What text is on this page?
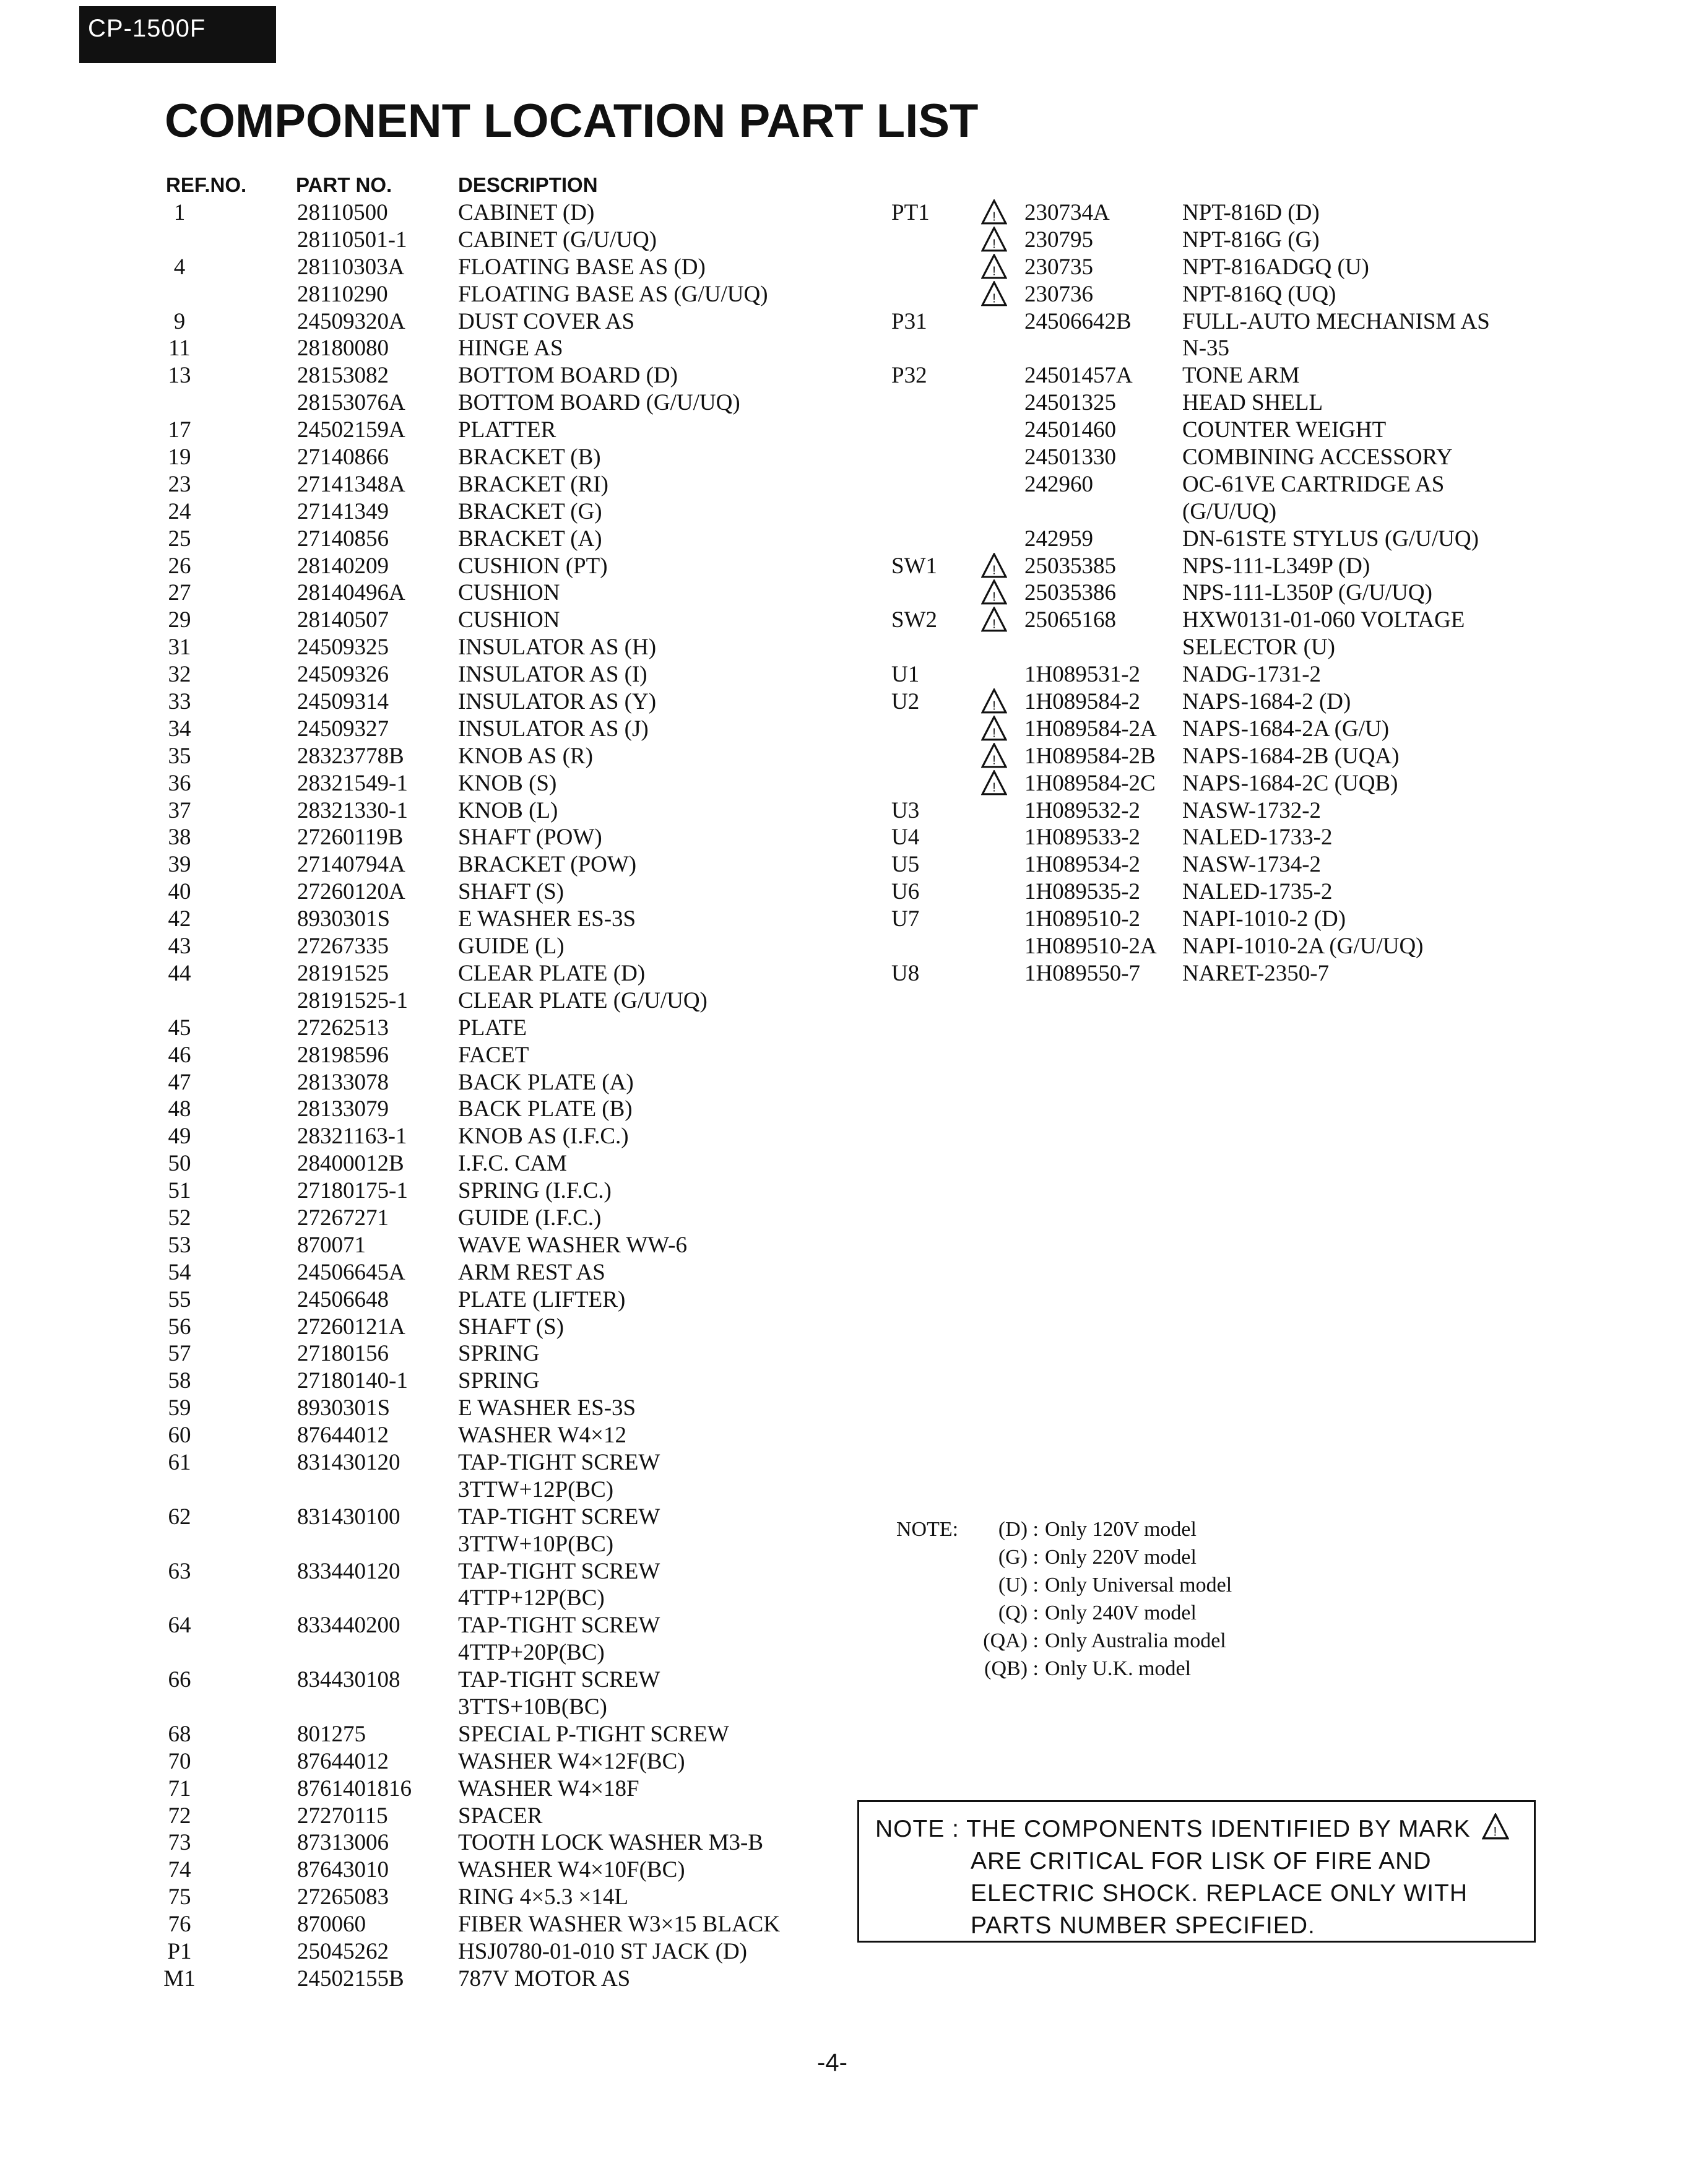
CP-1500F
COMPONENT LOCATION PART LIST
REF.NO. PART NO.	DESCRIPTION
1	28110500	CABINET (D)
28110501-1 CABINET (G/U/UQ)
4	28110303A FLOATING BASE AS (D)
28110290	FLOATING BASE AS (G/U/UQ)
9	24509320A DUST COVER AS
11	28180080	HINGE AS
13	28153082	BOTTOM BOARD (D)
28153076A BOTTOM BOARD (G/U/UQ)
17	24502159A PLATTER
19	27140866	BRACKET (B)
23	27141348A BRACKET (RI)
24	27141349	BRACKET (G)
25	27140856	BRACKET (A)
26	28140209	CUSHION (PT)
27	28140496A CUSHION
29	28140507	CUSHION
31	24509325	INSULATOR AS (H)
32	24509326	INSULATOR AS (I)
33	24509314	INSULATOR AS (Y)
34	24509327	INSULATOR AS (J)
35	28323778B KNOB AS (R)
36	28321549-1 KNOB (S)
37	28321330-1 KNOB (L)
38	27260119B SHAFT (POW)
39	27140794A BRACKET (POW)
40	27260120A SHAFT (S)
42	8930301S	E WASHER ES-3S
43	27267335	GUIDE (L)
44	28191525	CLEAR PLATE (D)
28191525-1 CLEAR PLATE (G/U/UQ)
45	27262513	PLATE
46	28198596	FACET
47	28133078	BACK PLATE (A)
48	28133079	BACK PLATE (B)
49	28321163-1 KNOB AS (I.F.C.)
50	28400012B I.F.C. CAM
51	27180175-1 SPRING (I.F.C.)
52	27267271	GUIDE (I.F.C.)
53	870071	WAVE WASHER WW-6
54	24506645A ARM REST AS
55	24506648	PLATE (LIFTER)
56	27260121A SHAFT (S)
57	27180156	SPRING
58	27180140-1 SPRING
59	8930301S	E WASHER ES-3S
60	87644012	WASHER W4×12
61	831430120	TAP-TIGHT SCREW
3TTW+12P(BC)
62	831430100	TAP-TIGHT SCREW
3TTW+10P(BC)
63	833440120	TAP-TIGHT SCREW
4TTP+12P(BC)
64	833440200	TAP-TIGHT SCREW
4TTP+20P(BC)
66	834430108	TAP-TIGHT SCREW
3TTS+10B(BC)
68	801275	SPECIAL P-TIGHT SCREW
70	87644012	WASHER W4×12F(BC)
71	8761401816 WASHER W4×18F
72	27270115	SPACER
73	87313006	TOOTH LOCK WASHER M3-B
74	87643010	WASHER W4×10F(BC)
75	27265083	RING 4×5.3 ×14L
76	870060	FIBER WASHER W3×15 BLACK
P1	25045262	HSJ0780-01-010 ST JACK (D)
M1	24502155B 787V MOTOR AS
PT1	! 230734A	NPT-816D (D)
! 230795	NPT-816G (G)
! 230735	NPT-816ADGQ (U)
! 230736	NPT-816Q (UQ)
P31	24506642B FULL-AUTO MECHANISM AS
N-35
P32	24501457A TONE ARM
24501325	HEAD SHELL
24501460	COUNTER WEIGHT
24501330	COMBINING ACCESSORY
242960	OC-61VE CARTRIDGE AS
(G/U/UQ)
242959	DN-61STE STYLUS (G/U/UQ)
SW1	! 25035385	NPS-111-L349P (D)
! 25035386	NPS-111-L350P (G/U/UQ)
SW2	! 25065168	HXW0131-01-060 VOLTAGE
SELECTOR (U)
U1	1H089531-2 NADG-1731-2
U2	! 1H089584-2 NAPS-1684-2 (D)
! 1H089584-2A NAPS-1684-2A (G/U)
! 1H089584-2B NAPS-1684-2B (UQA)
! 1H089584-2C NAPS-1684-2C (UQB)
U3	1H089532-2 NASW-1732-2
U4	1H089533-2 NALED-1733-2
U5	1H089534-2 NASW-1734-2
U6	1H089535-2 NALED-1735-2
U7	1H089510-2 NAPI-1010-2 (D)
1H089510-2A NAPI-1010-2A (G/U/UQ)
U8	1H089550-7 NARET-2350-7
NOTE:	(D) : Only 120V model
(G) : Only 220V model
(U) : Only Universal model
(Q) : Only 240V model
(QA) : Only Australia model
(QB) : Only U.K. model
NOTE : THE COMPONENTS IDENTIFIED BY MARK !
ARE CRITICAL FOR LISK OF FIRE AND
ELECTRIC SHOCK. REPLACE ONLY WITH
PARTS NUMBER SPECIFIED.
-4-
